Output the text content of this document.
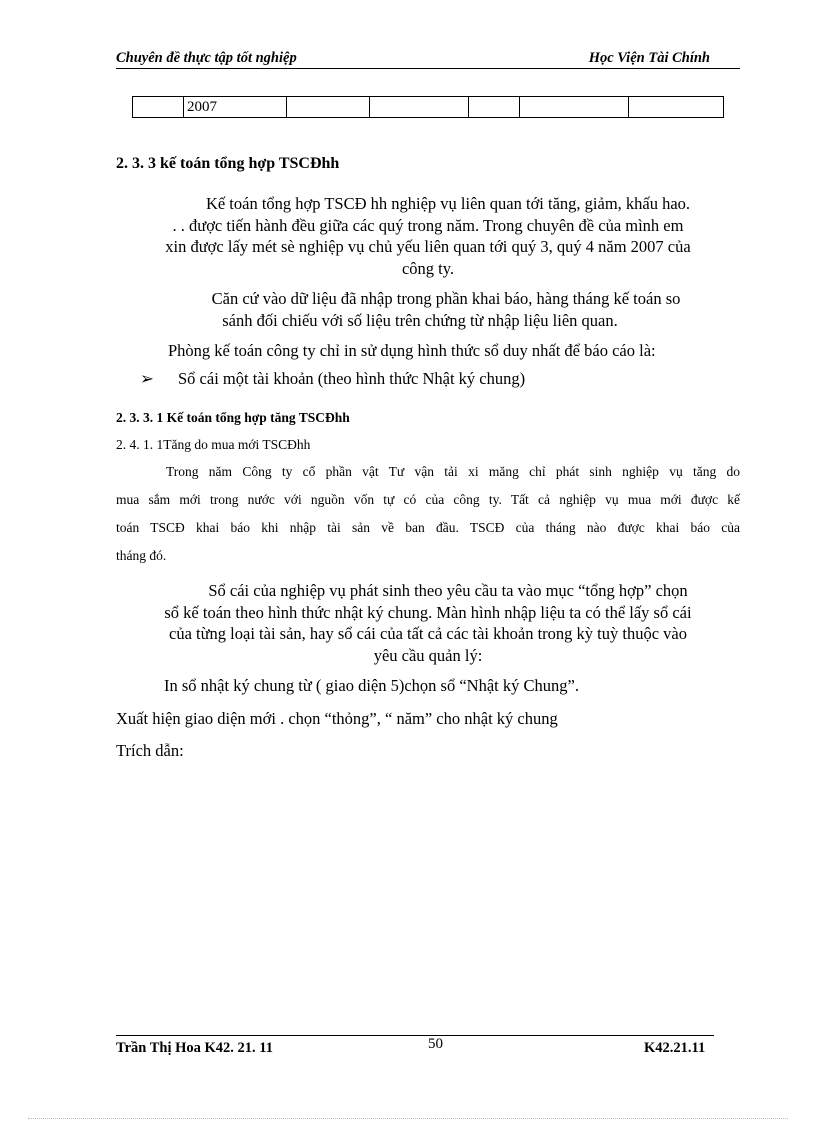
Chuyên đề thực tập tốt nghiệp	Học Viện Tài Chính
	2007					
2. 3. 3 kế toán tổng hợp TSCĐhh
Kế toán tổng hợp TSCĐ hh nghiệp vụ liên quan tới tăng, giảm, khấu hao.
. . được tiến hành đều giữa các quý trong năm. Trong chuyên đề của mình em
xin được lấy mét sè nghiệp vụ chủ yếu liên quan tới quý 3, quý 4 năm 2007 của
công ty.
Căn cứ vào dữ liệu đã nhập trong phần khai báo, hàng tháng kế toán so
sánh đối chiếu với số liệu trên chứng từ nhập liệu liên quan.
Phòng kế toán công ty chỉ in sử dụng hình thức sổ duy nhất để báo cáo là:
➢ Sổ cái một tài khoản (theo hình thức Nhật ký chung)
2. 3. 3. 1 Kế toán tổng hợp tăng TSCĐhh
2. 4. 1. 1Tăng do mua mới TSCĐhh
Trong năm Công ty cổ phần vật Tư vận tải xi măng chỉ phát sinh nghiệp vụ tăng do
mua sắm mới trong nước với nguồn vốn tự có của công ty. Tất cả nghiệp vụ mua mới được kế
toán TSCĐ khai báo khi nhập tài sản về ban đầu. TSCĐ của tháng nào được khai báo của
tháng đó.
Sổ cái của nghiệp vụ phát sinh theo yêu cầu ta vào mục “tổng hợp” chọn
sổ kế toán theo hình thức nhật ký chung. Màn hình nhập liệu ta có thể lấy sổ cái
của từng loại tài sản, hay sổ cái của tất cả các tài khoản trong kỳ tuỳ thuộc vào
yêu cầu quản lý:
In sổ nhật ký chung từ ( giao diện 5)chọn sổ “Nhật ký Chung”.
Xuất hiện giao diện mới . chọn “thỏng”, “ năm” cho nhật ký chung
Trích dẫn:
Trần Thị Hoa K42. 21. 11	50	K42.21.11
